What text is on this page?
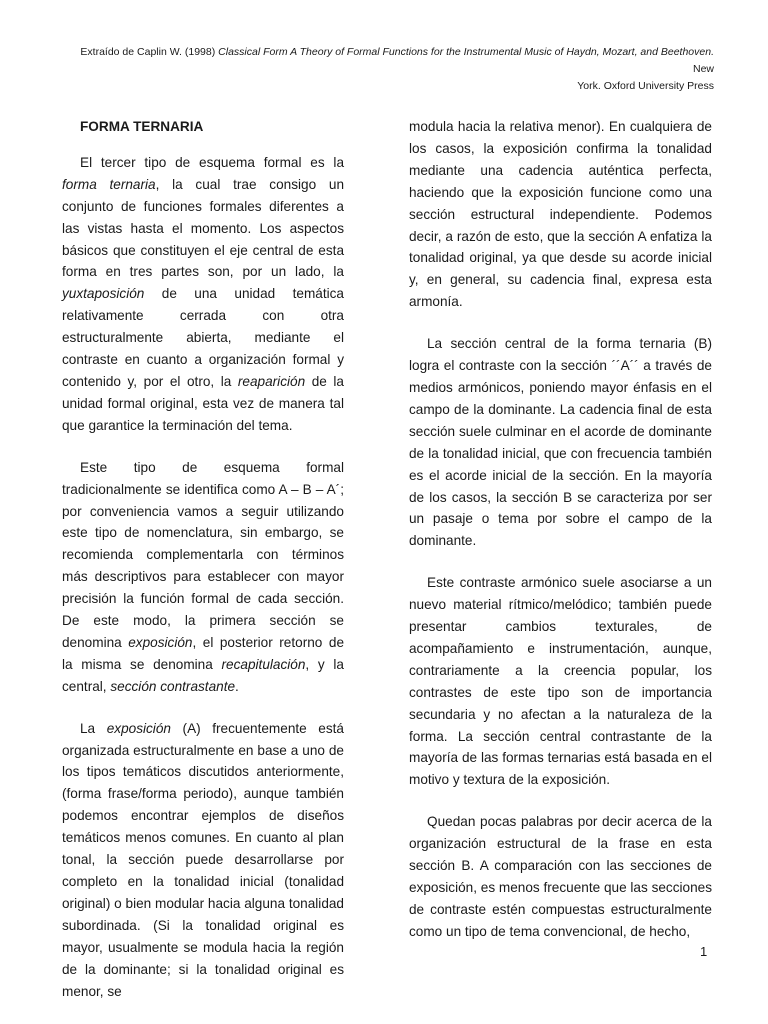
Extraído de Caplin W. (1998) Classical Form A Theory of Formal Functions for the Instrumental Music of Haydn, Mozart, and Beethoven. New
York. Oxford University Press
FORMA TERNARIA

El tercer tipo de esquema formal es la forma ternaria, la cual trae consigo un conjunto de funciones formales diferentes a las vistas hasta el momento. Los aspectos básicos que constituyen el eje central de esta forma en tres partes son, por un lado, la yuxtaposición de una unidad temática relativamente cerrada con otra estructuralmente abierta, mediante el contraste en cuanto a organización formal y contenido y, por el otro, la reaparición de la unidad formal original, esta vez de manera tal que garantice la terminación del tema.

Este tipo de esquema formal tradicionalmente se identifica como A – B – A´; por conveniencia vamos a seguir utilizando este tipo de nomenclatura, sin embargo, se recomienda complementarla con términos más descriptivos para establecer con mayor precisión la función formal de cada sección. De este modo, la primera sección se denomina exposición, el posterior retorno de la misma se denomina recapitulación, y la central, sección contrastante.

La exposición (A) frecuentemente está organizada estructuralmente en base a uno de los tipos temáticos discutidos anteriormente, (forma frase/forma periodo), aunque también podemos encontrar ejemplos de diseños temáticos menos comunes. En cuanto al plan tonal, la sección puede desarrollarse por completo en la tonalidad inicial (tonalidad original) o bien modular hacia alguna tonalidad subordinada. (Si la tonalidad original es mayor, usualmente se modula hacia la región de la dominante; si la tonalidad original es menor, se

modula hacia la relativa menor). En cualquiera de los casos, la exposición confirma la tonalidad mediante una cadencia auténtica perfecta, haciendo que la exposición funcione como una sección estructural independiente. Podemos decir, a razón de esto, que la sección A enfatiza la tonalidad original, ya que desde su acorde inicial y, en general, su cadencia final, expresa esta armonía.

La sección central de la forma ternaria (B) logra el contraste con la sección ´´A´´ a través de medios armónicos, poniendo mayor énfasis en el campo de la dominante. La cadencia final de esta sección suele culminar en el acorde de dominante de la tonalidad inicial, que con frecuencia también es el acorde inicial de la sección. En la mayoría de los casos, la sección B se caracteriza por ser un pasaje o tema por sobre el campo de la dominante.

Este contraste armónico suele asociarse a un nuevo material rítmico/melódico; también puede presentar cambios texturales, de acompañamiento e instrumentación, aunque, contrariamente a la creencia popular, los contrastes de este tipo son de importancia secundaria y no afectan a la naturaleza de la forma. La sección central contrastante de la mayoría de las formas ternarias está basada en el motivo y textura de la exposición.

Quedan pocas palabras por decir acerca de la organización estructural de la frase en esta sección B. A comparación con las secciones de exposición, es menos frecuente que las secciones de contraste estén compuestas estructuralmente como un tipo de tema convencional, de hecho,

1
